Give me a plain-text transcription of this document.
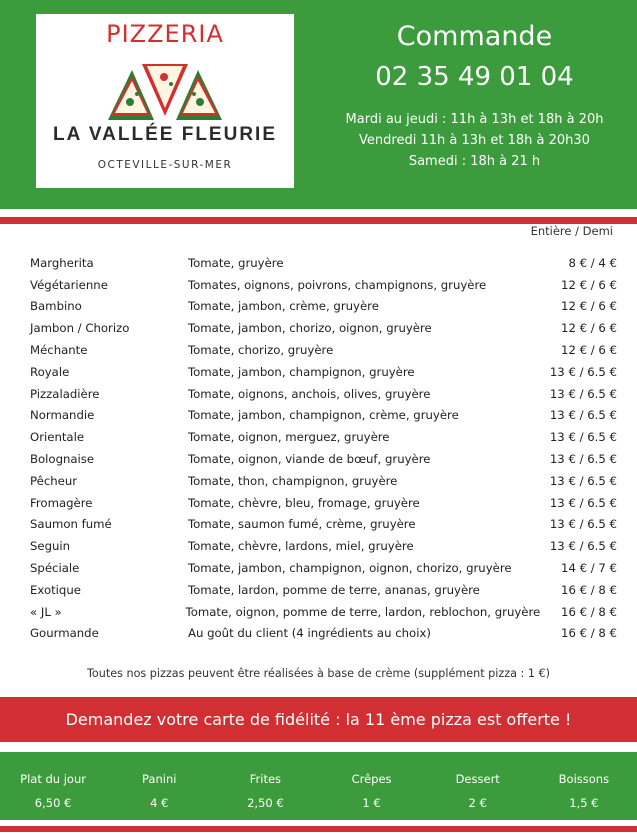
PIZZERIA
LA VALLÉE FLEURIE
OCTEVILLE-SUR-MER
Commande
02 35 49 01 04
Mardi au jeudi : 11h à 13h et 18h à 20h
Vendredi 11h à 13h et 18h à 20h30
Samedi : 18h à 21 h
Entière / Demi
Margherita	Tomate, gruyère	8 € / 4 €
Végétarienne	Tomates, oignons, poivrons, champignons, gruyère	12 € / 6 €
Bambino	Tomate, jambon, crème, gruyère	12 € / 6 €
Jambon / Chorizo	Tomate, jambon, chorizo, oignon, gruyère	12 € / 6 €
Méchante	Tomate, chorizo, gruyère	12 € / 6 €
Royale	Tomate, jambon, champignon, gruyère	13 € / 6.5 €
Pizzaladière	Tomate, oignons, anchois, olives, gruyère	13 € / 6.5 €
Normandie	Tomate, jambon, champignon, crème, gruyère	13 € / 6.5 €
Orientale	Tomate, oignon, merguez, gruyère	13 € / 6.5 €
Bolognaise	Tomate, oignon, viande de bœuf, gruyère	13 € / 6.5 €
Pêcheur	Tomate, thon, champignon, gruyère	13 € / 6.5 €
Fromagère	Tomate, chèvre, bleu, fromage, gruyère	13 € / 6.5 €
Saumon fumé	Tomate, saumon fumé, crème, gruyère	13 € / 6.5 €
Seguin	Tomate, chèvre, lardons, miel, gruyère	13 € / 6.5 €
Spéciale	Tomate, jambon, champignon, oignon, chorizo, gruyère	14 € / 7 €
Exotique	Tomate, lardon, pomme de terre, ananas, gruyère	16 € / 8 €
« JL »	Tomate, oignon, pomme de terre, lardon, reblochon, gruyère	16 € / 8 €
Gourmande	Au goût du client (4 ingrédients au choix)	16 € / 8 €
Toutes nos pizzas peuvent être réalisées à base de crème (supplément pizza : 1 €)
Demandez votre carte de fidélité : la 11 ème pizza est offerte !
Plat du jour
6,50 €
Panini
4 €
Frites
2,50 €
Crêpes
1 €
Dessert
2 €
Boissons
1,5 €
